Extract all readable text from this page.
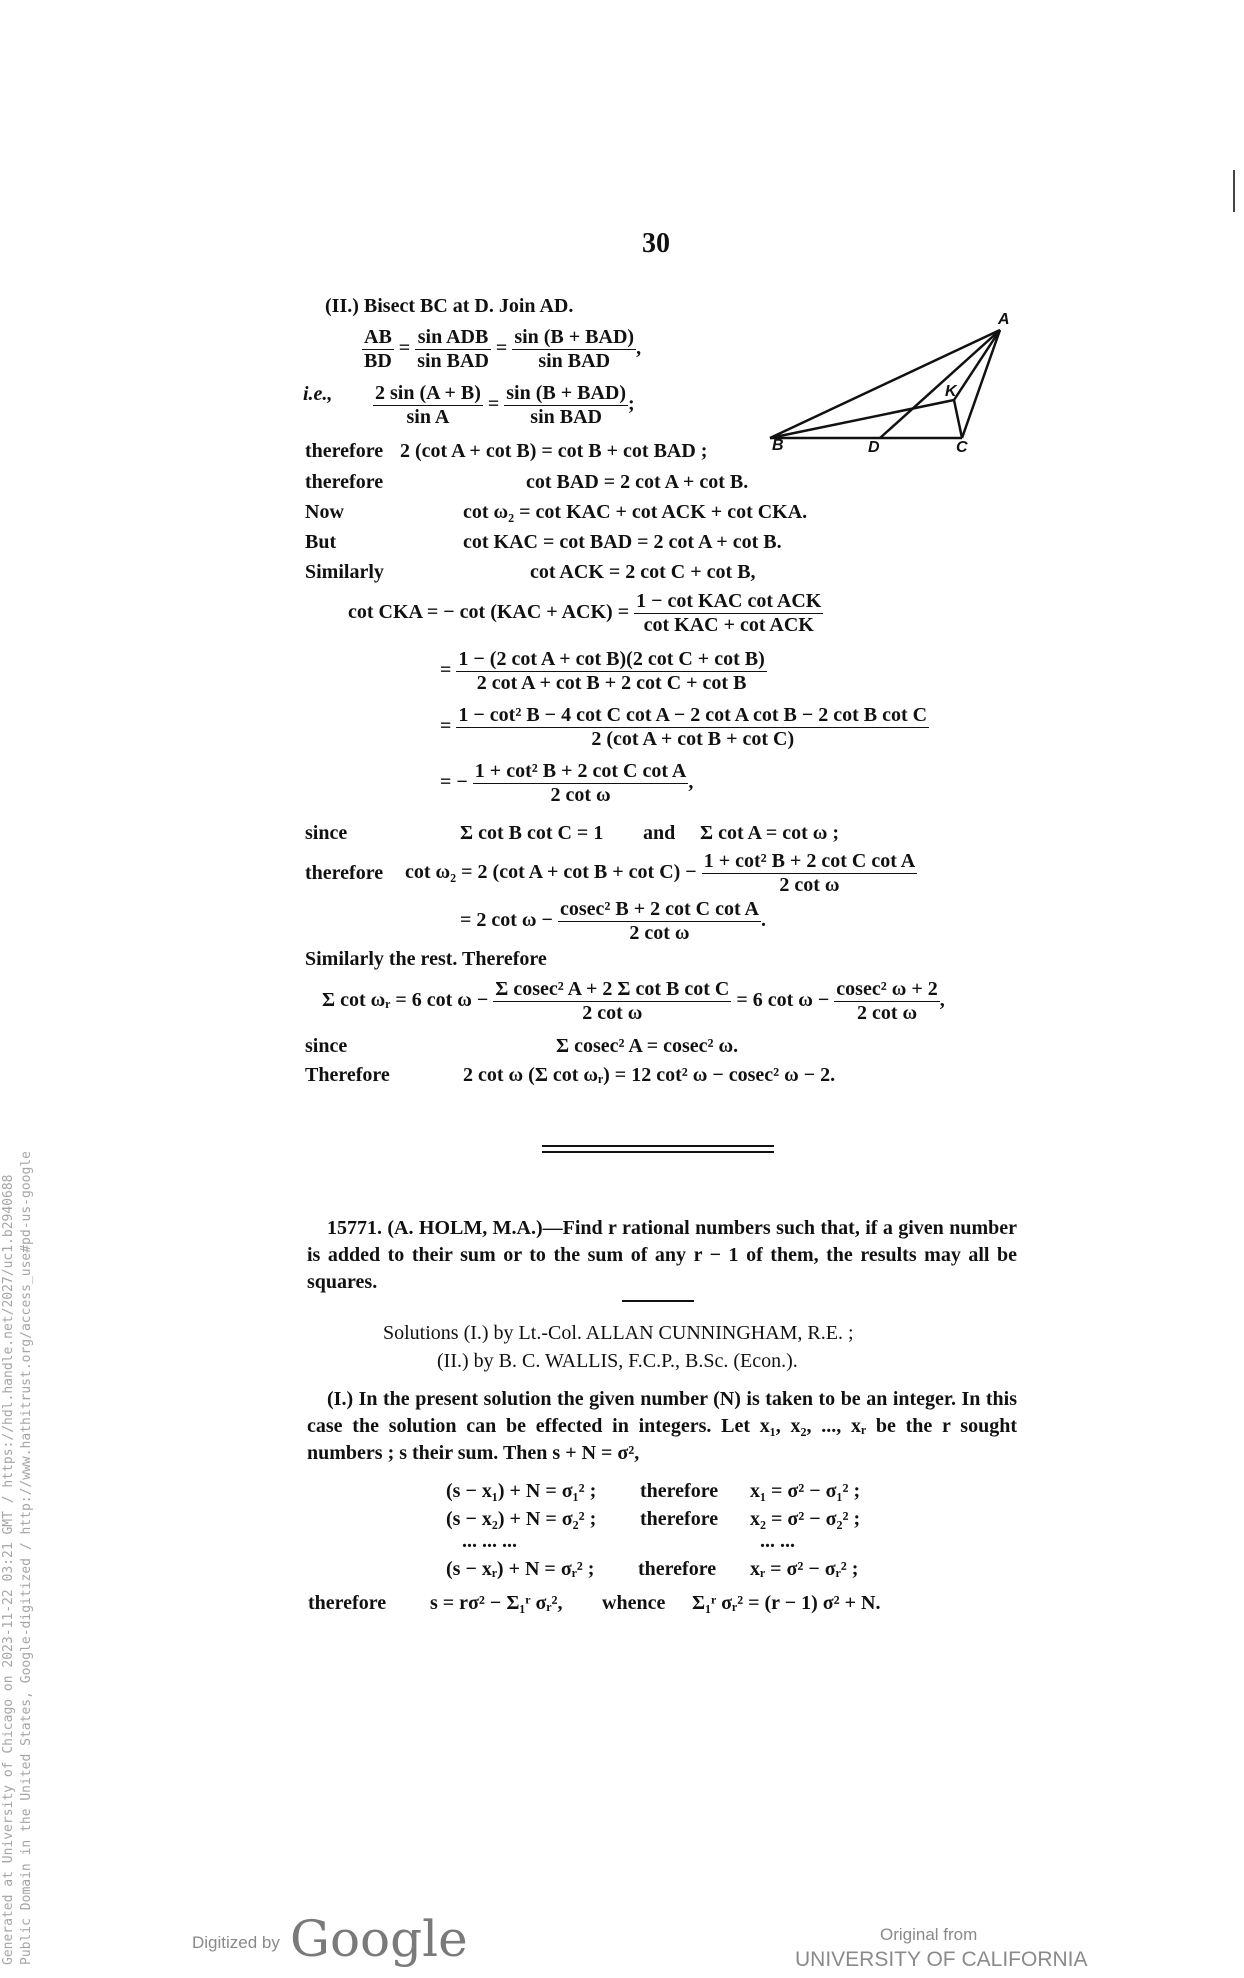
30
(II.) Bisect BC at D. Join AD.
$\frac{AB}{BD} = \frac{\text{sin ADB}}{\text{sin BAD}} = \frac{\text{sin (B + BAD)}}{\text{sin BAD}}$ ,
i.e., $\frac{2 \sin (A + B)}{\text{sin A}} = \frac{\text{sin (B + BAD)}}{\text{sin BAD}}$ ;
A
K
B	D	C
therefore 2 (cot A + cot B) = cot B + cot BAD ;
therefore	cot BAD = 2 cot A + cot B.
Now	cot ω₂ = cot KAC + cot ACK + cot CKA.
But	cot KAC = cot BAD = 2 cot A + cot B.
Similarly	cot ACK = 2 cot C + cot B,
cot CKA = − $\cot (KAC + ACK) = \frac{\text{1 − cot KAC cot ACK}}{\text{cot KAC + cot ACK}}$
= $\frac{\text{1 − (2 cot A + cot B)(2 cot C + cot B)}}{\text{2 cot A + cot B + 2 cot C + cot B}}$
= $\frac{\text{1 − cot² B − 4 cot C cot A − 2 cot A cot B − 2 cot B cot C}}{\text{2 (cot A + cot B + cot C)}}$
= − $\frac{\text{1 + cot² B + 2 cot C cot A}}{\text{2 cot ω}}$ ,
since	Σ cot B cot C = 1 and Σ cot A = cot ω ;
therefore cot ω₂ = 2 (cot $A + \cot B + \cot C) - \frac{\text{1 + cot² B + 2 cot C cot A}}{\text{2 cot ω}}$
= 2 $\cot \omega - \frac{\text{cosec² B + 2 cot C cot A}}{\text{2 cot ω}}$ .
Similarly the rest. Therefore
Σ cot ωᵣ = 6 $\cot \omega - \frac{\text{Σ cosec² A + 2 Σ cot B cot C}}{\text{2 cot ω}} = 6$ $\cot \omega - \frac{\text{cosec² ω + 2}}{\text{2 cot ω}}$ ,
since	Σ cosec² A = cosec² ω.
Therefore	2 cot ω (Σ cot ωᵣ) = 12 cot² ω − cosec² ω − 2.
15771. (A. HOLM, M.A.)—Find r rational numbers such that, if a given number is added to their sum or to the sum of any r − 1 of them, the results may all be squares.
Solutions (I.) by Lt.-Col. ALLAN CUNNINGHAM, R.E. ;
(II.) by B. C. WALLIS, F.C.P., B.Sc. (Econ.).
(I.) In the present solution the given number (N) is taken to be an integer. In this case the solution can be effected in integers. Let x₁, x₂, ..., xᵣ be the r sought numbers ; s their sum. Then s + N = σ²,
(s − x₁) + N = σ₁² ; therefore x₁ = σ² − σ₁² ;
(s − x₂) + N = σ₂² ; therefore x₂ = σ² − σ₂² ;
... ... ...	... ...
(s − xᵣ) + N = σᵣ² ; therefore xᵣ = σ² − σᵣ² ;
therefore s = rσ² − Σ₁ʳ σᵣ², whence Σ₁ʳ σᵣ² = (r − 1) σ² + N.
Generated at University of Chicago on 2023-11-22 03:21 GMT / https://hdl.handle.net/2027/uc1.b2940688 Public Domain in the United States, Google-digitized / http://www.hathitrust.org/access_use#pd-us-google	Digitized by Google	Original from
UNIVERSITY OF CALIFORNIA
